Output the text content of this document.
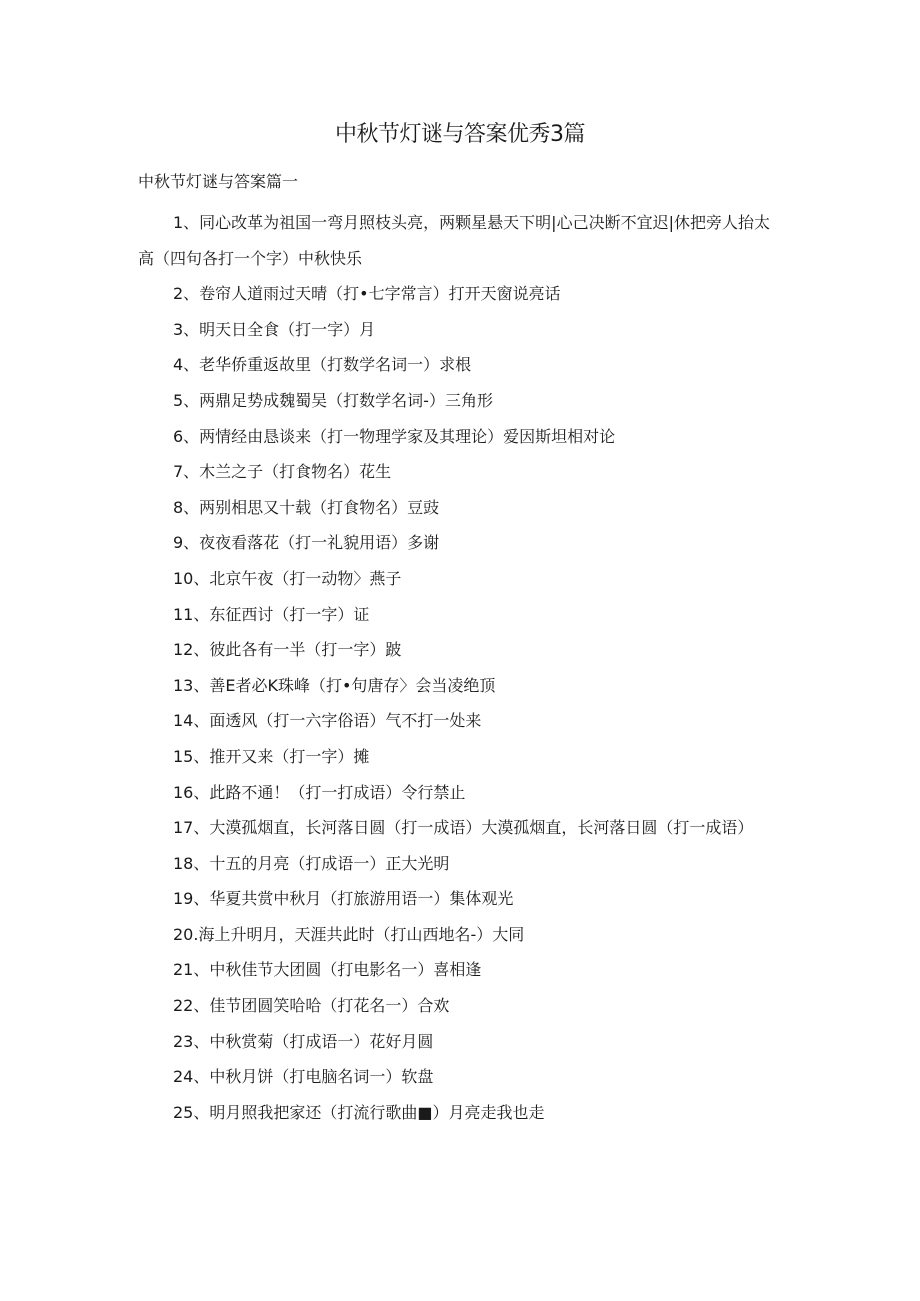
中秋节灯谜与答案优秀3篇
中秋节灯谜与答案篇一
1、同心改革为祖国一弯月照枝头亮，两颗星悬天下明|心己决断不宜迟|休把旁人抬太高（四句各打一个字）中秋快乐
2、卷帘人道雨过天晴（打•七字常言）打开天窗说亮话
3、明天日全食（打一字）月
4、老华侨重返故里（打数学名词一）求根
5、两鼎足势成魏蜀吴（打数学名词-）三角形
6、两情经由恳谈来（打一物理学家及其理论）爱因斯坦相对论
7、木兰之子（打食物名）花生
8、两别相思又十载（打食物名）豆豉
9、夜夜看落花（打一礼貌用语）多谢
10、北京午夜（打一动物〉燕子
11、东征西讨（打一字）证
12、彼此各有一半（打一字）跛
13、善E者必K珠峰（打•句唐存〉会当凌绝顶
14、面透风（打一六字俗语）气不打一处来
15、推开又来（打一字）摊
16、此路不通！（打一打成语）令行禁止
17、大漠孤烟直，长河落日圆（打一成语）大漠孤烟直，长河落日圆（打一成语）
18、十五的月亮（打成语一）正大光明
19、华夏共赏中秋月（打旅游用语一）集体观光
20.海上升明月，天涯共此时（打山西地名-）大同
21、中秋佳节大团圆（打电影名一）喜相逢
22、佳节团圆笑哈哈（打花名一）合欢
23、中秋赏菊（打成语一）花好月圆
24、中秋月饼（打电脑名词一）软盘
25、明月照我把家还（打流行歌曲■）月亮走我也走
